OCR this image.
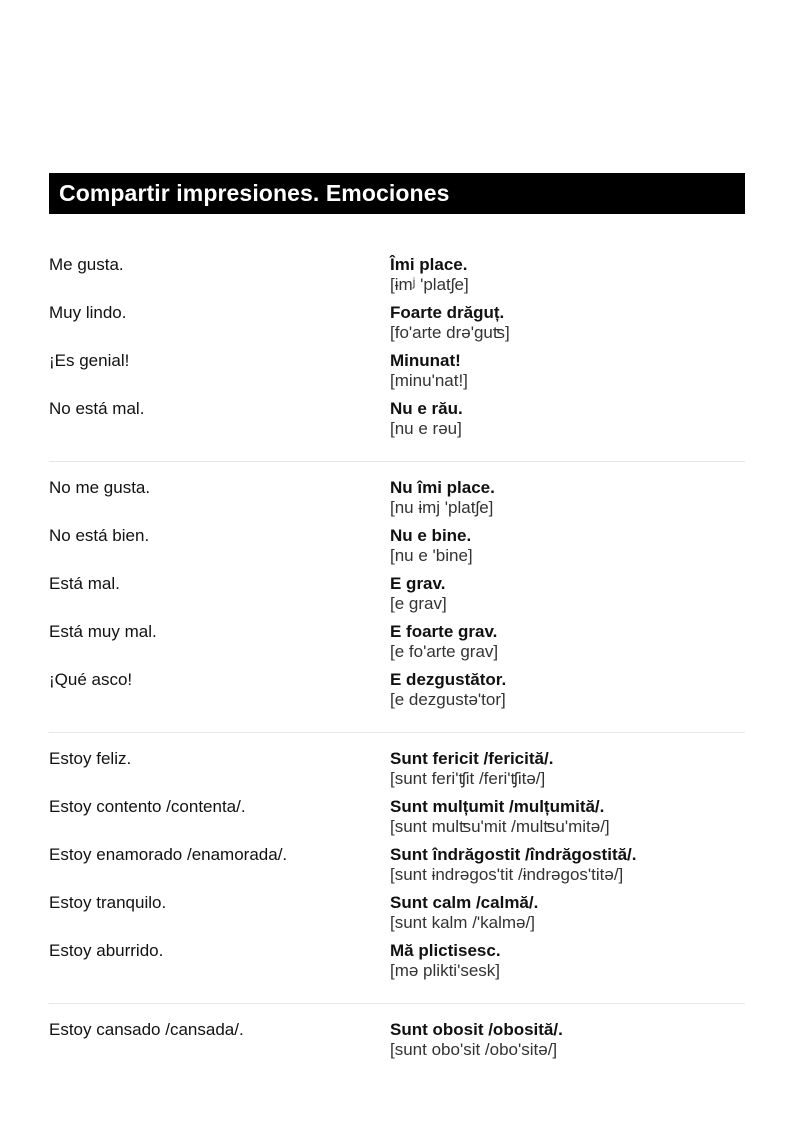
Compartir impresiones. Emociones
Me gusta.	Îmi place.
[ɨmʲ 'platʃe]
Muy lindo.	Foarte drăguț.
[fo'arte drə'guʦ]
¡Es genial!	Minunat!
[minu'nat!]
No está mal.	Nu e rău.
[nu e rəu]
No me gusta.	Nu îmi place.
[nu ɨmj 'platʃe]
No está bien.	Nu e bine.
[nu e 'bine]
Está mal.	E grav.
[e grav]
Está muy mal.	E foarte grav.
[e fo'arte grav]
¡Qué asco!	E dezgustător.
[e dezgustə'tor]
Estoy feliz.	Sunt fericit /fericită/.
[sunt feri'ʧit /feri'ʧitə/]
Estoy contento /contenta/.	Sunt mulțumit /mulțumită/.
[sunt mulʦu'mit /mulʦu'mitə/]
Estoy enamorado /enamorada/.	Sunt îndrăgostit /îndrăgostită/.
[sunt ɨndrəgos'tit /ɨndrəgos'titə/]
Estoy tranquilo.	Sunt calm /calmă/.
[sunt kalm /'kalmə/]
Estoy aburrido.	Mă plictisesc.
[mə plikti'sesk]
Estoy cansado /cansada/.	Sunt obosit /obosită/.
[sunt obo'sit /obo'sitə/]
